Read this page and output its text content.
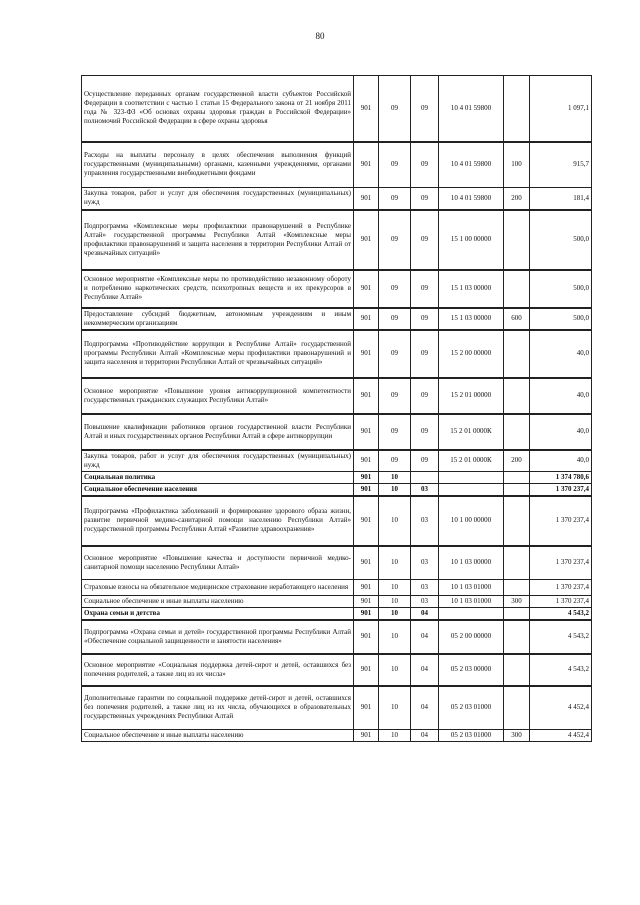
80
Осуществление переданных органам государственной власти субъектов Российской Федерации в соответствии с частью 1 статьи 15 Федерального закона от 21 ноября 2011 года № 323-ФЗ «Об основах охраны здоровья граждан в Российской Федерации» полномочий Российской Федерации в сфере охраны здоровья	901	09	09	10 4 01 59800		1 097,1
Расходы на выплаты персоналу в целях обеспечения выполнения функций государственными (муниципальными) органами, казенными учреждениями, органами управления государственными внебюджетными фондами	901	09	09	10 4 01 59800	100	915,7
Закупка товаров, работ и услуг для обеспечения государственных (муниципальных) нужд	901	09	09	10 4 01 59800	200	181,4
Подпрограмма «Комплексные меры профилактики правонарушений в Республике Алтай» государственной программы Республики Алтай «Комплексные меры профилактики правонарушений и защита населения в территории Республики Алтай от чрезвычайных ситуаций»	901	09	09	15 1 00 00000		500,0
Основное мероприятие «Комплексные меры по противодействию незаконному обороту и потреблению наркотических средств, психотропных веществ и их прекурсоров в Республике Алтай»	901	09	09	15 1 03 00000		500,0
Предоставление субсидий бюджетным, автономным учреждениям и иным некоммерческим организациям	901	09	09	15 1 03 00000	600	500,0
Подпрограмма «Противодействие коррупции в Республике Алтай» государственной программы Республики Алтай «Комплексные меры профилактики правонарушений и защита населения и территории Республики Алтай от чрезвычайных ситуаций»	901	09	09	15 2 00 00000		40,0
Основное мероприятие «Повышение уровня антикоррупционной компетентности государственных гражданских служащих Республики Алтай»	901	09	09	15 2 01 00000		40,0
Повышение квалификации работников органов государственной власти Республики Алтай и иных государственных органов Республики Алтай в сфере антикоррупции	901	09	09	15 2 01 0000К		40,0
Закупка товаров, работ и услуг для обеспечения государственных (муниципальных) нужд	901	09	09	15 2 01 0000К	200	40,0
Социальная политика	901	10				1 374 780,6
Социальное обеспечение населения	901	10	03			1 370 237,4
Подпрограмма «Профилактика заболеваний и формирование здорового образа жизни, развитие первичной медико-санитарной помощи населению Республики Алтай» государственной программы Республики Алтай «Развитие здравоохранения»	901	10	03	10 1 00 00000		1 370 237,4
Основное мероприятие «Повышение качества и доступности первичной медико-санитарной помощи населению Республики Алтай»	901	10	03	10 1 03 00000		1 370 237,4
Страховые взносы на обязательное медицинское страхование неработающего населения	901	10	03	10 1 03 01000		1 370 237,4
Социальное обеспечение и иные выплаты населению	901	10	03	10 1 03 01000	300	1 370 237,4
Охрана семьи и детства	901	10	04			4 543,2
Подпрограмма «Охрана семьи и детей» государственной программы Республики Алтай «Обеспечение социальной защищенности и занятости населения»	901	10	04	05 2 00 00000		4 543,2
Основное мероприятие «Социальная поддержка детей-сирот и детей, оставшихся без попечения родителей, а также лиц из их числа»	901	10	04	05 2 03 00000		4 543,2
Дополнительные гарантии по социальной поддержке детей-сирот и детей, оставшихся без попечения родителей, а также лиц из их числа, обучающихся в образовательных государственных учреждениях Республики Алтай	901	10	04	05 2 03 01000		4 452,4
Социальное обеспечение и иные выплаты населению	901	10	04	05 2 03 01000	300	4 452,4
